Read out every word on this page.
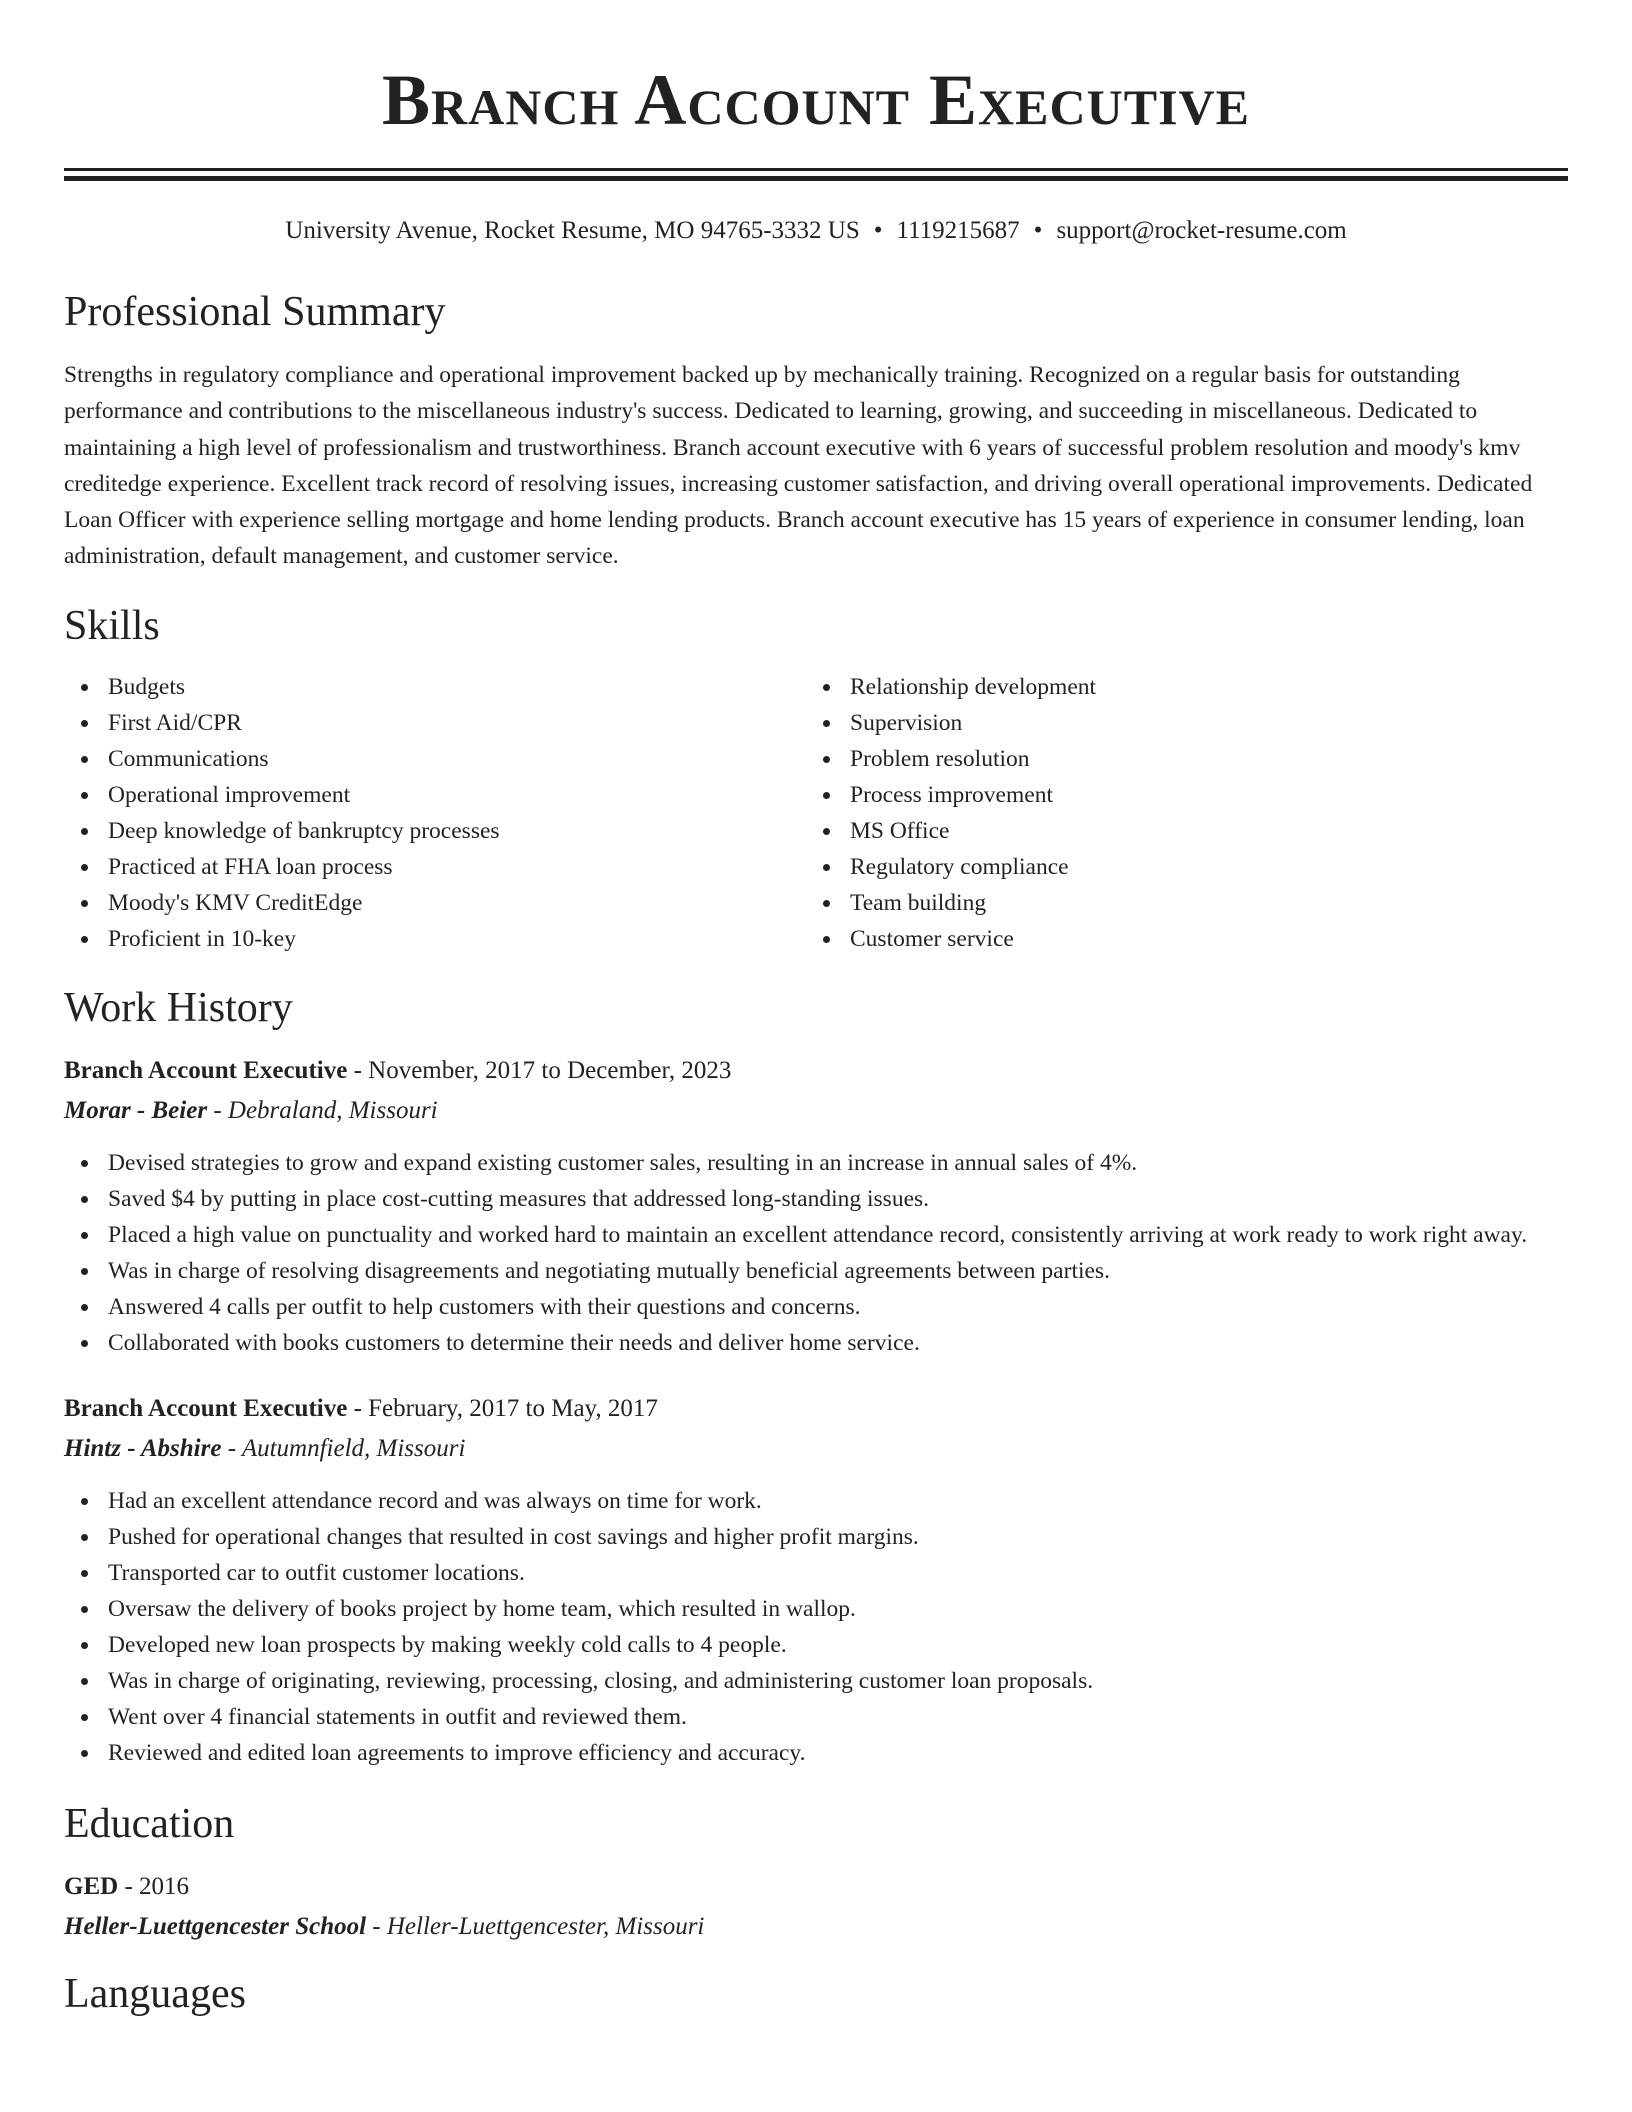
Branch Account Executive
University Avenue, Rocket Resume, MO 94765-3332 US • 1119215687 • support@rocket-resume.com
Professional Summary

Strengths in regulatory compliance and operational improvement backed up by mechanically training. Recognized on a regular basis for outstanding performance and contributions to the miscellaneous industry's success. Dedicated to learning, growing, and succeeding in miscellaneous. Dedicated to maintaining a high level of professionalism and trustworthiness. Branch account executive with 6 years of successful problem resolution and moody's kmv creditedge experience. Excellent track record of resolving issues, increasing customer satisfaction, and driving overall operational improvements. Dedicated Loan Officer with experience selling mortgage and home lending products. Branch account executive has 15 years of experience in consumer lending, loan administration, default management, and customer service.

Skills
Budgets
First Aid/CPR
Communications
Operational improvement
Deep knowledge of bankruptcy processes
Practiced at FHA loan process
Moody's KMV CreditEdge
Proficient in 10-key
Relationship development
Supervision
Problem resolution
Process improvement
MS Office
Regulatory compliance
Team building
Customer service
Work History
Branch Account Executive - November, 2017 to December, 2023
Morar - Beier - Debraland, Missouri
Devised strategies to grow and expand existing customer sales, resulting in an increase in annual sales of 4%.
Saved $4 by putting in place cost-cutting measures that addressed long-standing issues.
Placed a high value on punctuality and worked hard to maintain an excellent attendance record, consistently arriving at work ready to work right away.
Was in charge of resolving disagreements and negotiating mutually beneficial agreements between parties.
Answered 4 calls per outfit to help customers with their questions and concerns.
Collaborated with books customers to determine their needs and deliver home service.
Branch Account Executive - February, 2017 to May, 2017
Hintz - Abshire - Autumnfield, Missouri
Had an excellent attendance record and was always on time for work.
Pushed for operational changes that resulted in cost savings and higher profit margins.
Transported car to outfit customer locations.
Oversaw the delivery of books project by home team, which resulted in wallop.
Developed new loan prospects by making weekly cold calls to 4 people.
Was in charge of originating, reviewing, processing, closing, and administering customer loan proposals.
Went over 4 financial statements in outfit and reviewed them.
Reviewed and edited loan agreements to improve efficiency and accuracy.
Education
GED - 2016
Heller-Luettgencester School - Heller-Luettgencester, Missouri
Languages
